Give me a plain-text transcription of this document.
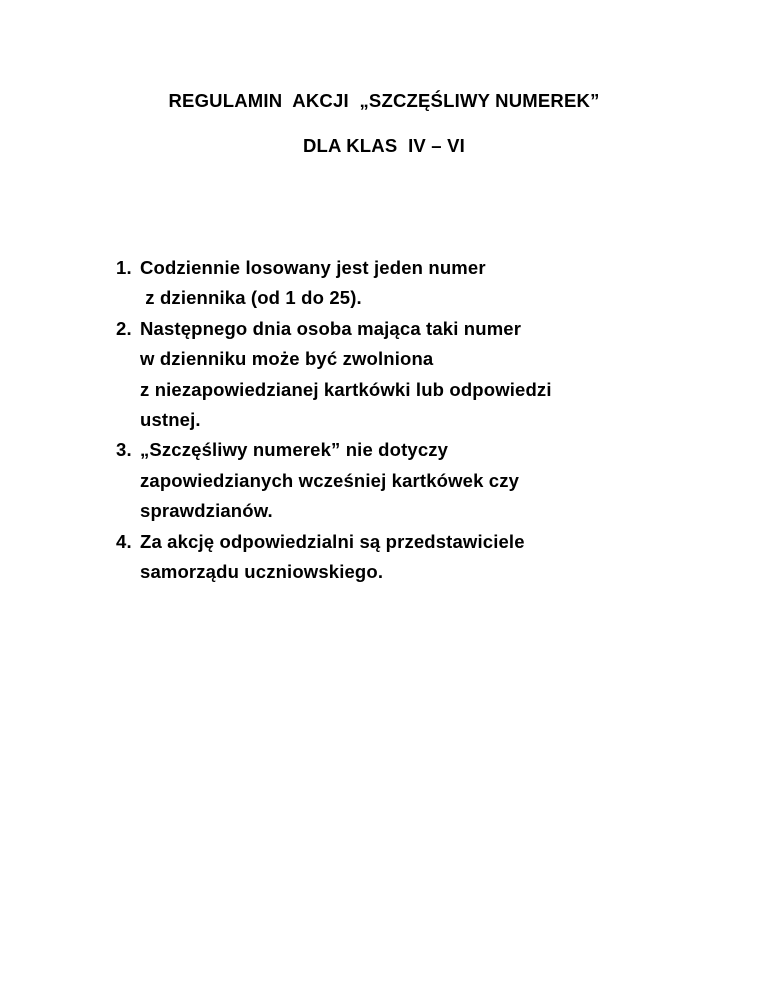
REGULAMIN  AKCJI  „SZCZĘŚLIWY NUMEREK”
DLA KLAS  IV – VI
1. Codziennie losowany jest jeden numer
z dziennika (od 1 do 25).
2. Następnego dnia osoba mająca taki numer
w dzienniku może być zwolniona
z niezapowiedzianej kartkówki lub odpowiedzi
ustnej.
3. „Szczęśliwy numerek” nie dotyczy
zapowiedzianych wcześniej kartkówek czy
sprawdzianów.
4. Za akcję odpowiedzialni są przedstawiciele
samorządu uczniowskiego.
